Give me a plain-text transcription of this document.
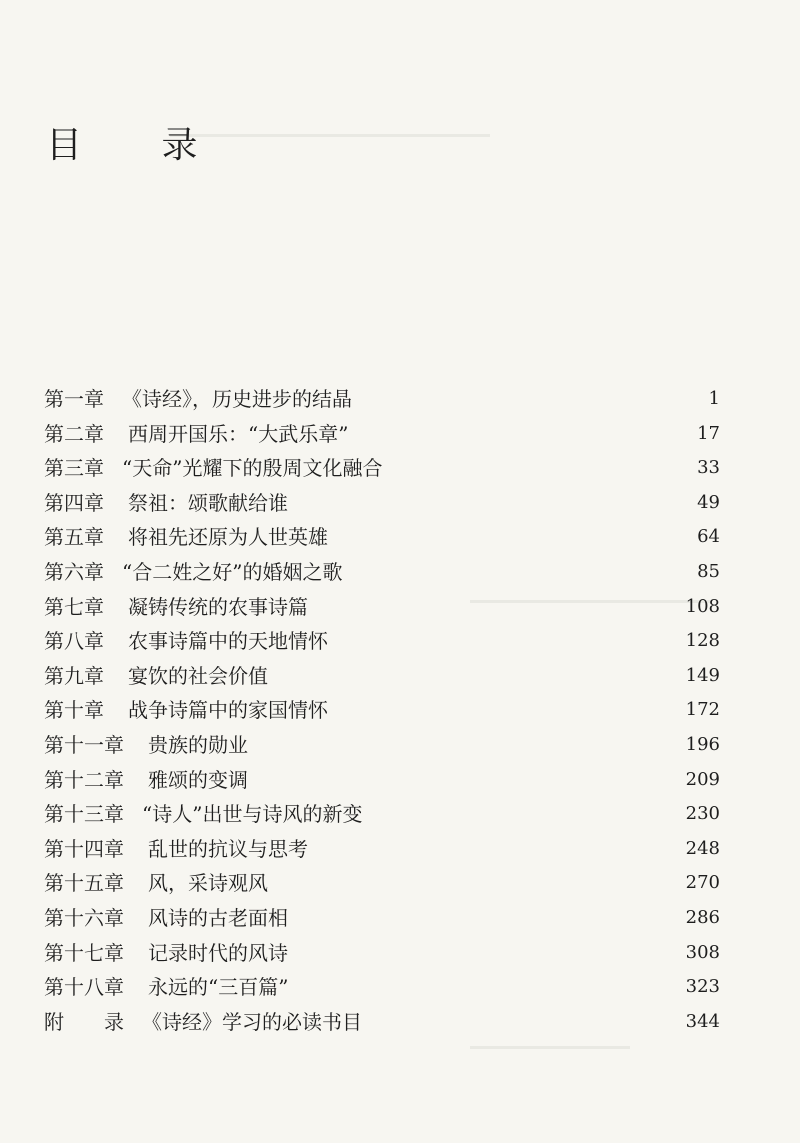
目 录
第一章 《诗经》，历史进步的结晶	1
第二章 西周开国乐：“大武乐章”	17
第三章 “天命”光耀下的殷周文化融合	33
第四章 祭祖：颂歌献给谁	49
第五章 将祖先还原为人世英雄	64
第六章 “合二姓之好”的婚姻之歌	85
第七章 凝铸传统的农事诗篇	108
第八章 农事诗篇中的天地情怀	128
第九章 宴饮的社会价值	149
第十章 战争诗篇中的家国情怀	172
第十一章 贵族的勋业	196
第十二章 雅颂的变调	209
第十三章 “诗人”出世与诗风的新变	230
第十四章 乱世的抗议与思考	248
第十五章 风，采诗观风	270
第十六章 风诗的古老面相	286
第十七章 记录时代的风诗	308
第十八章 永远的“三百篇”	323
附　　录 《诗经》学习的必读书目	344
